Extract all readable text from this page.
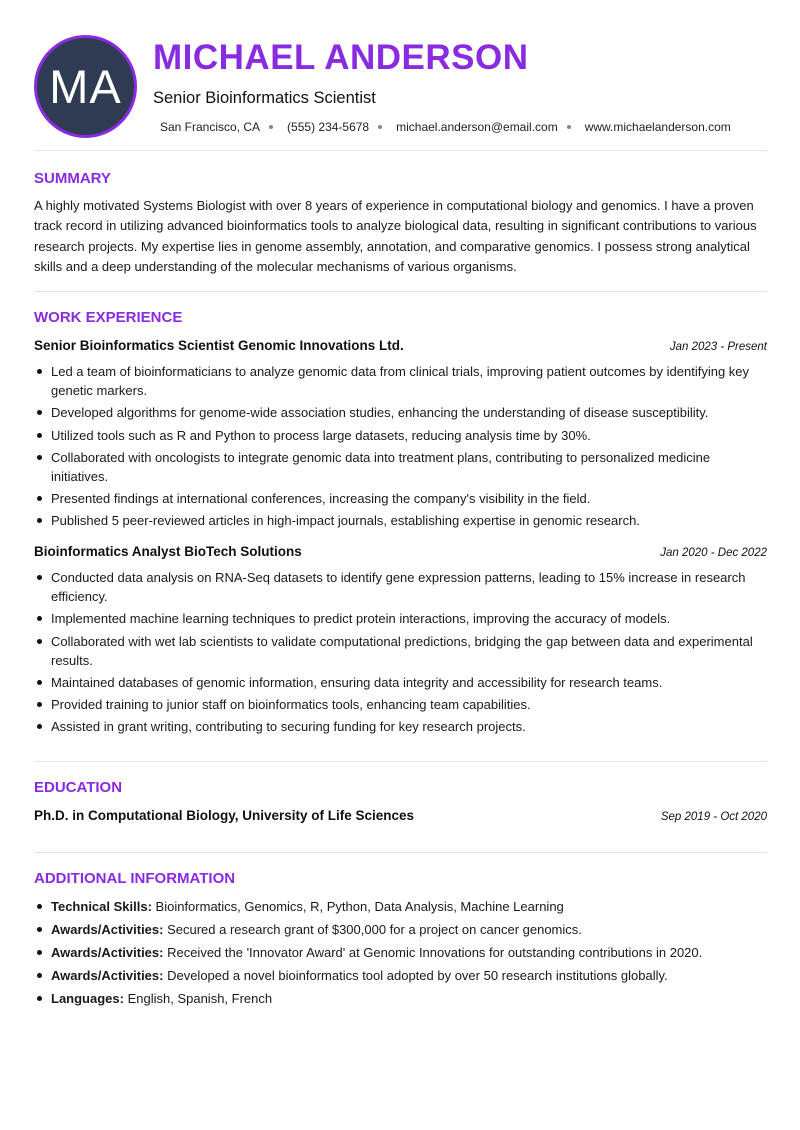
MA
MICHAEL ANDERSON
Senior Bioinformatics Scientist
San Francisco, CA (555) 234-5678 michael.anderson@email.com www.michaelanderson.com
SUMMARY
A highly motivated Systems Biologist with over 8 years of experience in computational biology and genomics. I have a proven track record in utilizing advanced bioinformatics tools to analyze biological data, resulting in significant contributions to various research projects. My expertise lies in genome assembly, annotation, and comparative genomics. I possess strong analytical skills and a deep understanding of the molecular mechanisms of various organisms.
WORK EXPERIENCE
Senior Bioinformatics Scientist Genomic Innovations Ltd.	Jan 2023 - Present
Led a team of bioinformaticians to analyze genomic data from clinical trials, improving patient outcomes by identifying key genetic markers.
Developed algorithms for genome-wide association studies, enhancing the understanding of disease susceptibility.
Utilized tools such as R and Python to process large datasets, reducing analysis time by 30%.
Collaborated with oncologists to integrate genomic data into treatment plans, contributing to personalized medicine initiatives.
Presented findings at international conferences, increasing the company's visibility in the field.
Published 5 peer-reviewed articles in high-impact journals, establishing expertise in genomic research.
Bioinformatics Analyst BioTech Solutions	Jan 2020 - Dec 2022
Conducted data analysis on RNA-Seq datasets to identify gene expression patterns, leading to 15% increase in research efficiency.
Implemented machine learning techniques to predict protein interactions, improving the accuracy of models.
Collaborated with wet lab scientists to validate computational predictions, bridging the gap between data and experimental results.
Maintained databases of genomic information, ensuring data integrity and accessibility for research teams.
Provided training to junior staff on bioinformatics tools, enhancing team capabilities.
Assisted in grant writing, contributing to securing funding for key research projects.
EDUCATION
Ph.D. in Computational Biology, University of Life Sciences	Sep 2019 - Oct 2020
ADDITIONAL INFORMATION
Technical Skills: Bioinformatics, Genomics, R, Python, Data Analysis, Machine Learning
Awards/Activities: Secured a research grant of $300,000 for a project on cancer genomics.
Awards/Activities: Received the 'Innovator Award' at Genomic Innovations for outstanding contributions in 2020.
Awards/Activities: Developed a novel bioinformatics tool adopted by over 50 research institutions globally.
Languages: English, Spanish, French
